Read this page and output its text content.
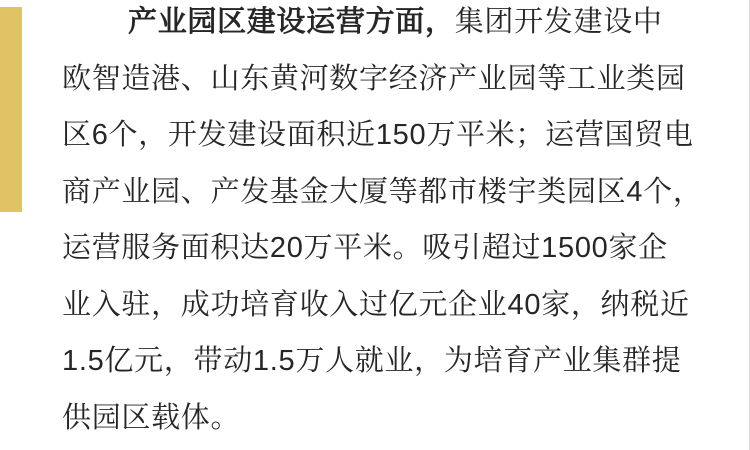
产业园区建设运营方面，集团开发建设中
欧智造港、山东黄河数字经济产业园等工业类园
区6个，开发建设面积近150万平米；运营国贸电
商产业园、产发基金大厦等都市楼宇类园区4个，
运营服务面积达20万平米。吸引超过1500家企
业入驻，成功培育收入过亿元企业40家，纳税近
1.5亿元，带动1.5万人就业，为培育产业集群提
供园区载体。
